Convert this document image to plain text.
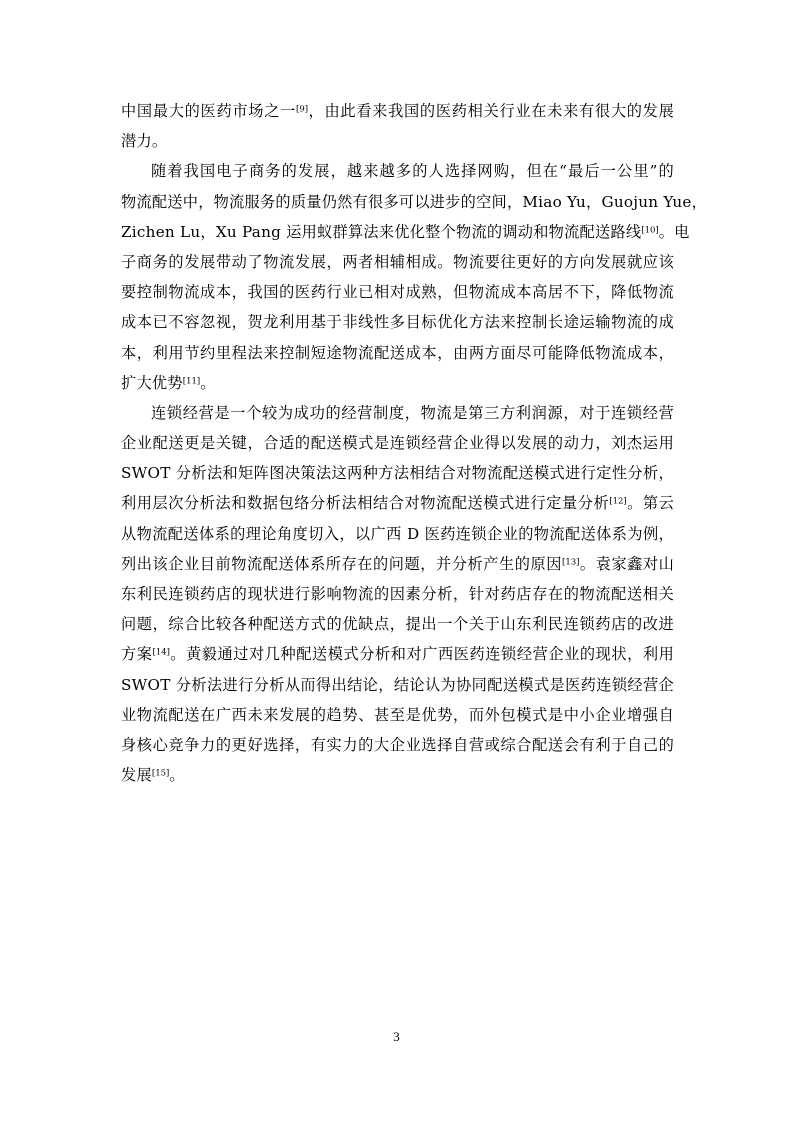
中国最大的医药市场之一[9]，由此看来我国的医药相关行业在未来有很大的发展
潜力。
随着我国电子商务的发展，越来越多的人选择网购，但在“最后一公里”的
物流配送中，物流服务的质量仍然有很多可以进步的空间，Miao Yu，Guojun Yue，
Zichen Lu，Xu Pang 运用蚁群算法来优化整个物流的调动和物流配送路线[10]。电
子商务的发展带动了物流发展，两者相辅相成。物流要往更好的方向发展就应该
要控制物流成本，我国的医药行业已相对成熟，但物流成本高居不下，降低物流
成本已不容忽视，贺龙利用基于非线性多目标优化方法来控制长途运输物流的成
本，利用节约里程法来控制短途物流配送成本，由两方面尽可能降低物流成本，
扩大优势[11]。
连锁经营是一个较为成功的经营制度，物流是第三方利润源，对于连锁经营
企业配送更是关键，合适的配送模式是连锁经营企业得以发展的动力，刘杰运用
SWOT 分析法和矩阵图决策法这两种方法相结合对物流配送模式进行定性分析，
利用层次分析法和数据包络分析法相结合对物流配送模式进行定量分析[12]。第云
从物流配送体系的理论角度切入，以广西 D 医药连锁企业的物流配送体系为例，
列出该企业目前物流配送体系所存在的问题，并分析产生的原因[13]。袁家鑫对山
东利民连锁药店的现状进行影响物流的因素分析，针对药店存在的物流配送相关
问题，综合比较各种配送方式的优缺点，提出一个关于山东利民连锁药店的改进
方案[14]。黄毅通过对几种配送模式分析和对广西医药连锁经营企业的现状，利用
SWOT 分析法进行分析从而得出结论，结论认为协同配送模式是医药连锁经营企
业物流配送在广西未来发展的趋势、甚至是优势，而外包模式是中小企业增强自
身核心竞争力的更好选择，有实力的大企业选择自营或综合配送会有利于自己的
发展[15]。
3
